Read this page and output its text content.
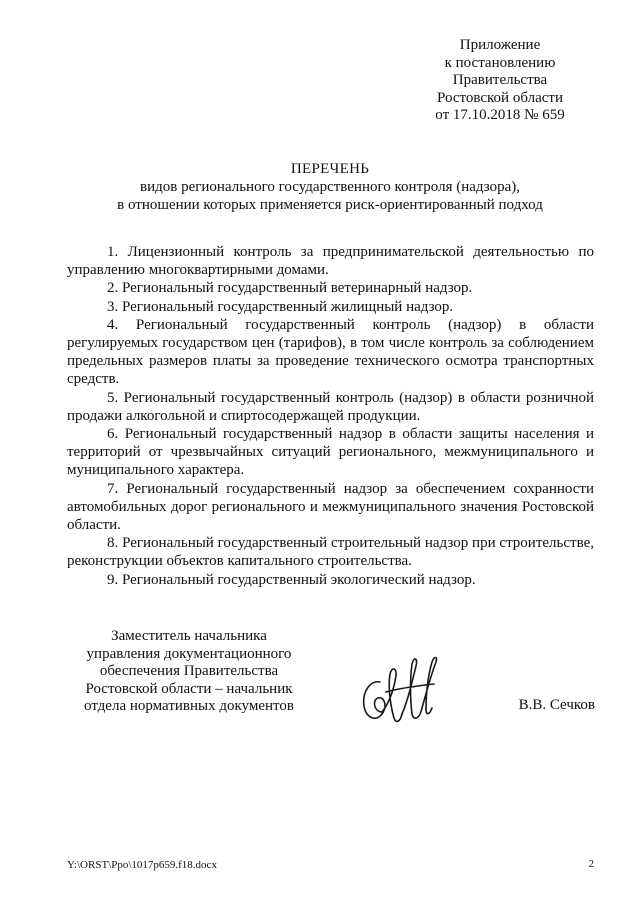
Приложение
к постановлению
Правительства
Ростовской области
от 17.10.2018 № 659
ПЕРЕЧЕНЬ
видов регионального государственного контроля (надзора),
в отношении которых применяется риск-ориентированный подход

1. Лицензионный контроль за предпринимательской деятельностью по управлению многоквартирными домами.

2. Региональный государственный ветеринарный надзор.

3. Региональный государственный жилищный надзор.

4. Региональный государственный контроль (надзор) в области регулируемых государством цен (тарифов), в том числе контроль за соблюдением предельных размеров платы за проведение технического осмотра транспортных средств.

5. Региональный государственный контроль (надзор) в области розничной продажи алкогольной и спиртосодержащей продукции.

6. Региональный государственный надзор в области защиты населения и территорий от чрезвычайных ситуаций регионального, межмуниципального и муниципального характера.

7. Региональный государственный надзор за обеспечением сохранности автомобильных дорог регионального и межмуниципального значения Ростовской области.

8. Региональный государственный строительный надзор при строительстве, реконструкции объектов капитального строительства.

9. Региональный государственный экологический надзор.

Заместитель начальника
управления документационного
обеспечения Правительства
Ростовской области – начальник
отдела нормативных документов	В.В. Сечков
Y:\ORST\Ppo\1017p659.f18.docx	2
